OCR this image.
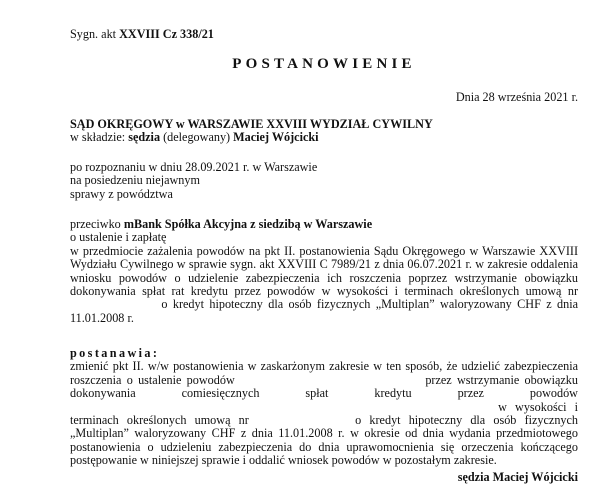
Sygn. akt XXVIII Cz 338/21
POSTANOWIENIE
Dnia 28 września 2021 r.
SĄD OKRĘGOWY w WARSZAWIE XXVIII WYDZIAŁ CYWILNY
w składzie: sędzia (delegowany) Maciej Wójcicki
po rozpoznaniu w dniu 28.09.2021 r. w Warszawie
na posiedzeniu niejawnym
sprawy z powództwa
przeciwko mBank Spółka Akcyjna z siedzibą w Warszawie
o ustalenie i zapłatę
w przedmiocie zażalenia powodów na pkt II. postanowienia Sądu Okręgowego w Warszawie XXVIII Wydziału Cywilnego w sprawie sygn. akt XXVIII C 7989/21 z dnia 06.07.2021 r. w zakresie oddalenia wniosku powodów o udzielenie zabezpieczenia ich roszczenia poprzez wstrzymanie obowiązku dokonywania spłat rat kredytu przez powodów w wysokości i terminach określonych umową nr  o kredyt hipoteczny dla osób fizycznych „Multiplan” waloryzowany CHF z dnia 11.01.2008 r.
postanawia:
zmienić pkt II. w/w postanowienia w zaskarżonym zakresie w ten sposób, że udzielić zabezpieczenia roszczenia o ustalenie powodów	przez wstrzymanie obowiązku dokonywania comiesięcznych spłat kredytu przez powodów  w wysokości i terminach określonych umową nr	o kredyt hipoteczny dla osób fizycznych „Multiplan” waloryzowany CHF z dnia 11.01.2008 r. w okresie od dnia wydania przedmiotowego postanowienia o udzieleniu zabezpieczenia do dnia uprawomocnienia się orzeczenia kończącego postępowanie w niniejszej sprawie i oddalić wniosek powodów w pozostałym zakresie.
sędzia Maciej Wójcicki
